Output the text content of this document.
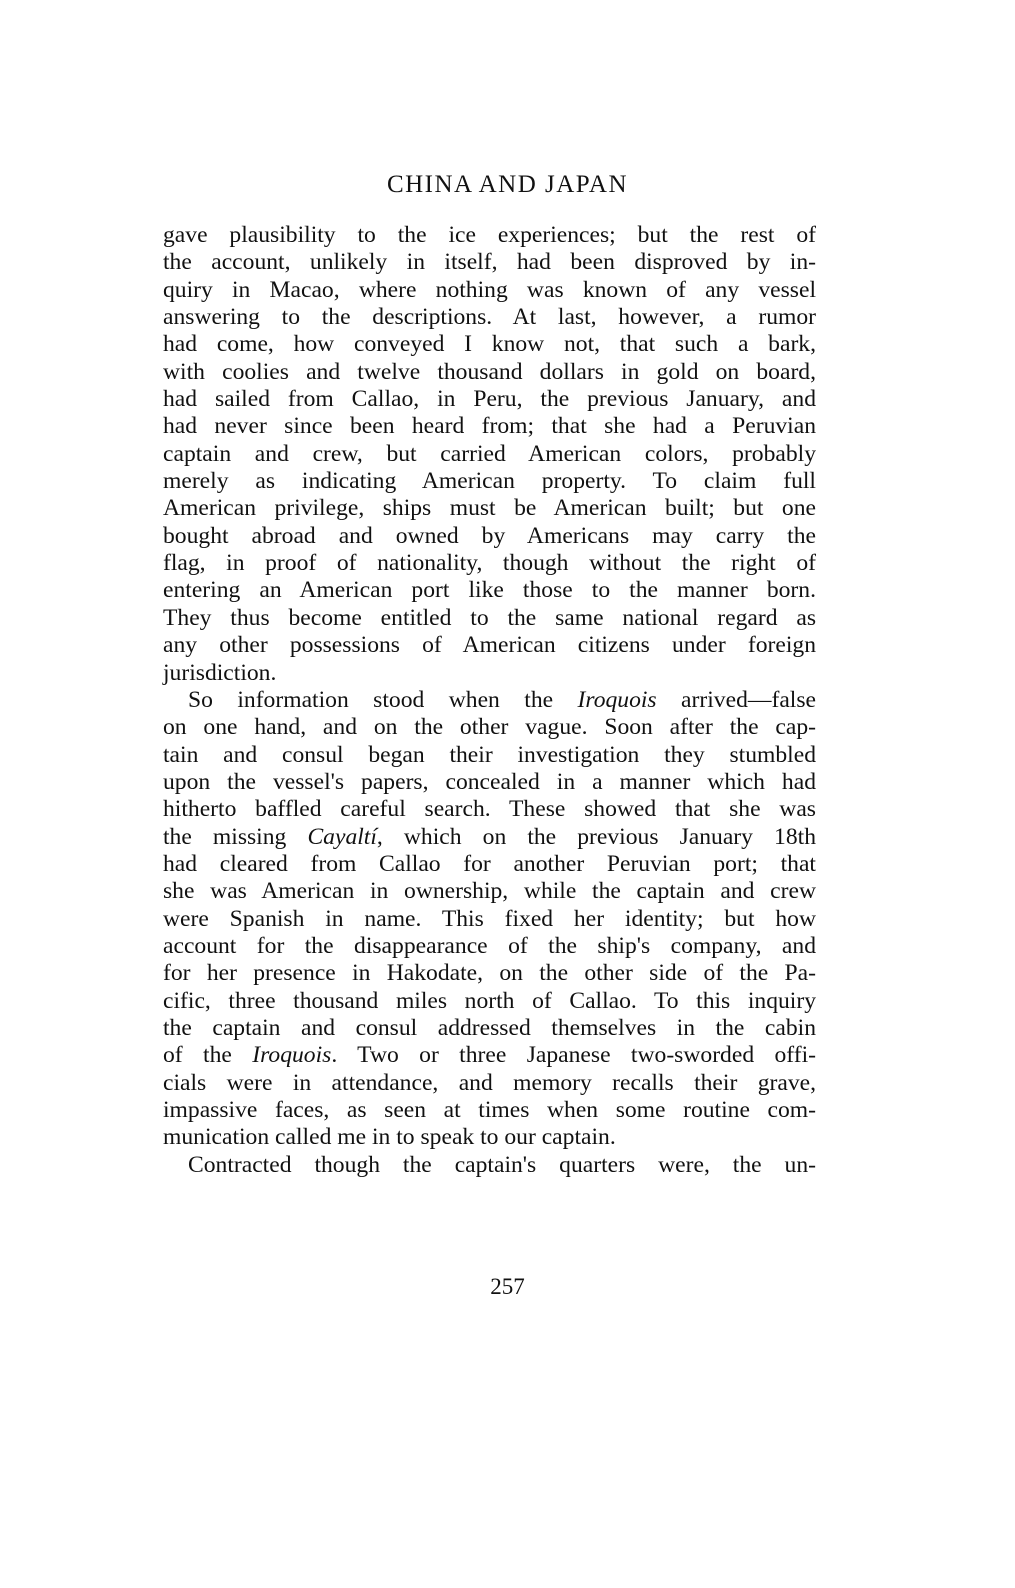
CHINA AND JAPAN

gave plausibility to the ice experiences; but the rest of
the account, unlikely in itself, had been disproved by in-
quiry in Macao, where nothing was known of any vessel
answering to the descriptions. At last, however, a rumor
had come, how conveyed I know not, that such a bark,
with coolies and twelve thousand dollars in gold on board,
had sailed from Callao, in Peru, the previous January, and
had never since been heard from; that she had a Peruvian
captain and crew, but carried American colors, probably
merely as indicating American property. To claim full
American privilege, ships must be American built; but one
bought abroad and owned by Americans may carry the
flag, in proof of nationality, though without the right of
entering an American port like those to the manner born.
They thus become entitled to the same national regard as
any other possessions of American citizens under foreign
jurisdiction.

So information stood when the Iroquois arrived—false
on one hand, and on the other vague. Soon after the cap-
tain and consul began their investigation they stumbled
upon the vessel's papers, concealed in a manner which had
hitherto baffled careful search. These showed that she was
the missing Cayaltí, which on the previous January 18th
had cleared from Callao for another Peruvian port; that
she was American in ownership, while the captain and crew
were Spanish in name. This fixed her identity; but how
account for the disappearance of the ship's company, and
for her presence in Hakodate, on the other side of the Pa-
cific, three thousand miles north of Callao. To this inquiry
the captain and consul addressed themselves in the cabin
of the Iroquois. Two or three Japanese two-sworded offi-
cials were in attendance, and memory recalls their grave,
impassive faces, as seen at times when some routine com-
munication called me in to speak to our captain.

Contracted though the captain's quarters were, the un-

257
